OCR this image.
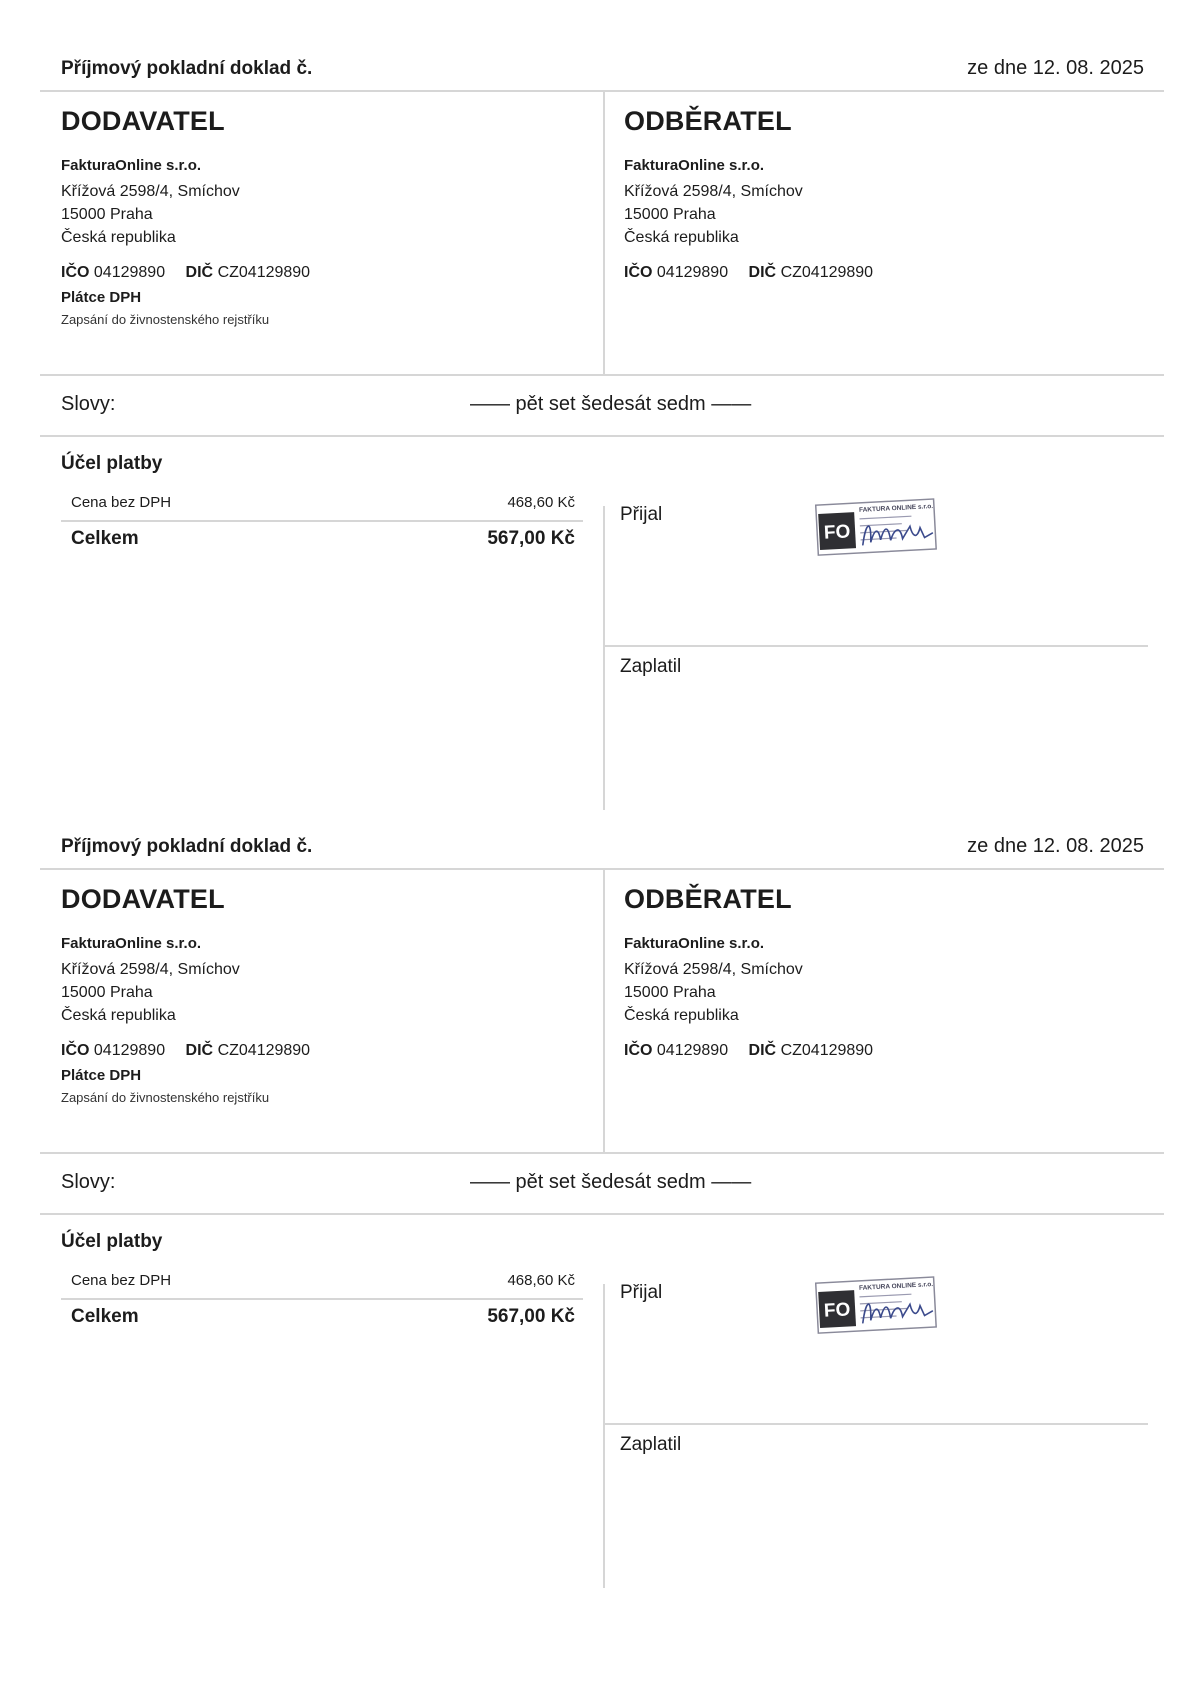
Příjmový pokladní doklad č.	ze dne 12. 08. 2025
DODAVATEL
FakturaOnline s.r.o.
Křížová 2598/4, Smíchov
15000 Praha
Česká republika
IČO 04129890 DIČ CZ04129890
Plátce DPH
Zapsání do živnostenského rejstříku
ODBĚRATEL
FakturaOnline s.r.o.
Křížová 2598/4, Smíchov
15000 Praha
Česká republika
IČO 04129890 DIČ CZ04129890
Slovy:	—— pět set šedesát sedm ——
Účel platby
Cena bez DPH	468,60 Kč
Celkem	567,00 Kč
Přijal
FO
FAKTURA ONLINE s.r.o.
Zaplatil
Příjmový pokladní doklad č.	ze dne 12. 08. 2025
DODAVATEL
FakturaOnline s.r.o.
Křížová 2598/4, Smíchov
15000 Praha
Česká republika
IČO 04129890 DIČ CZ04129890
Plátce DPH
Zapsání do živnostenského rejstříku
ODBĚRATEL
FakturaOnline s.r.o.
Křížová 2598/4, Smíchov
15000 Praha
Česká republika
IČO 04129890 DIČ CZ04129890
Slovy:	—— pět set šedesát sedm ——
Účel platby
Cena bez DPH	468,60 Kč
Celkem	567,00 Kč
Přijal
FO
FAKTURA ONLINE s.r.o.
Zaplatil
